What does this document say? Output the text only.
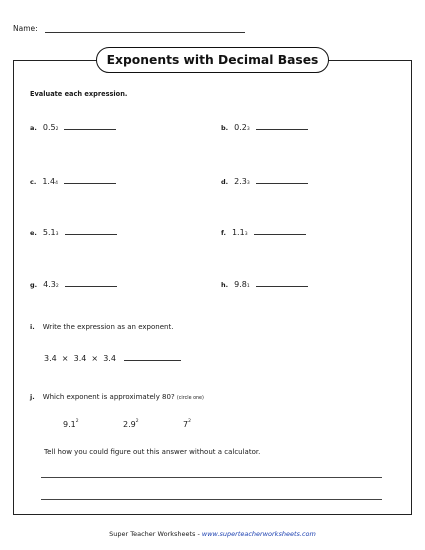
Name:
Exponents with Decimal Bases
Evaluate each expression.
a. $0.5_2$	b. $0.2_3$
c. $1.4_4$	d. $2.3_3$
e. $5.1_3$	f. $1.1_3$
g. $4.3_2$	h. $9.8_1$
i. Write the expression as an exponent.
3.4  ×  3.4  ×  3.4
j. Which exponent is approximately 80? (circle one)
$9.1^2$	$2.9^2$	$7^2$
Tell how you could figure out this answer without a calculator.
Super Teacher Worksheets - www.superteacherworksheets.com
